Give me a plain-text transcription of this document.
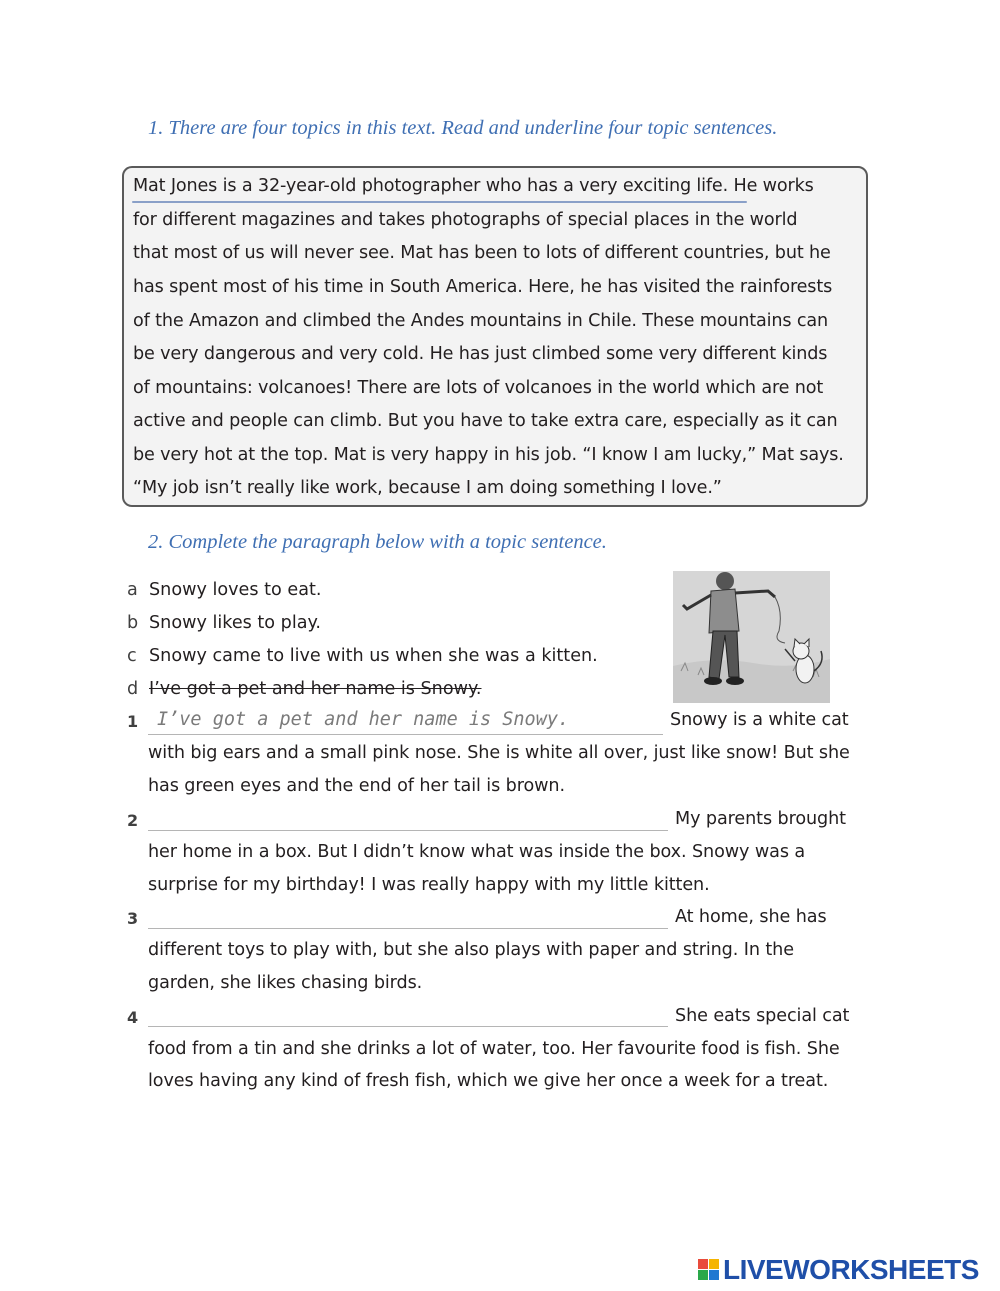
1. There are four topics in this text. Read and underline four topic sentences.
Mat Jones is a 32-year-old photographer who has a very exciting life. He works
for different magazines and takes photographs of special places in the world
that most of us will never see. Mat has been to lots of different countries, but he
has spent most of his time in South America. Here, he has visited the rainforests
of the Amazon and climbed the Andes mountains in Chile. These mountains can
be very dangerous and very cold. He has just climbed some very different kinds
of mountains: volcanoes! There are lots of volcanoes in the world which are not
active and people can climb. But you have to take extra care, especially as it can
be very hot at the top. Mat is very happy in his job. “I know I am lucky,” Mat says.
“My job isn’t really like work, because I am doing something I love.”
2. Complete the paragraph below with a topic sentence.
a Snowy loves to eat.
b Snowy likes to play.
c Snowy came to live with us when she was a kitten.
d I’ve got a pet and her name is Snowy.
1 I’ve got a pet and her name is Snowy.	Snowy is a white cat
with big ears and a small pink nose. She is white all over, just like snow! But she
has green eyes and the end of her tail is brown.
2	My parents brought
her home in a box. But I didn’t know what was inside the box. Snowy was a
surprise for my birthday! I was really happy with my little kitten.
3	At home, she has
different toys to play with, but she also plays with paper and string. In the
garden, she likes chasing birds.
4	She eats special cat
food from a tin and she drinks a lot of water, too. Her favourite food is fish. She
loves having any kind of fresh fish, which we give her once a week for a treat.
LIVEWORKSHEETS
